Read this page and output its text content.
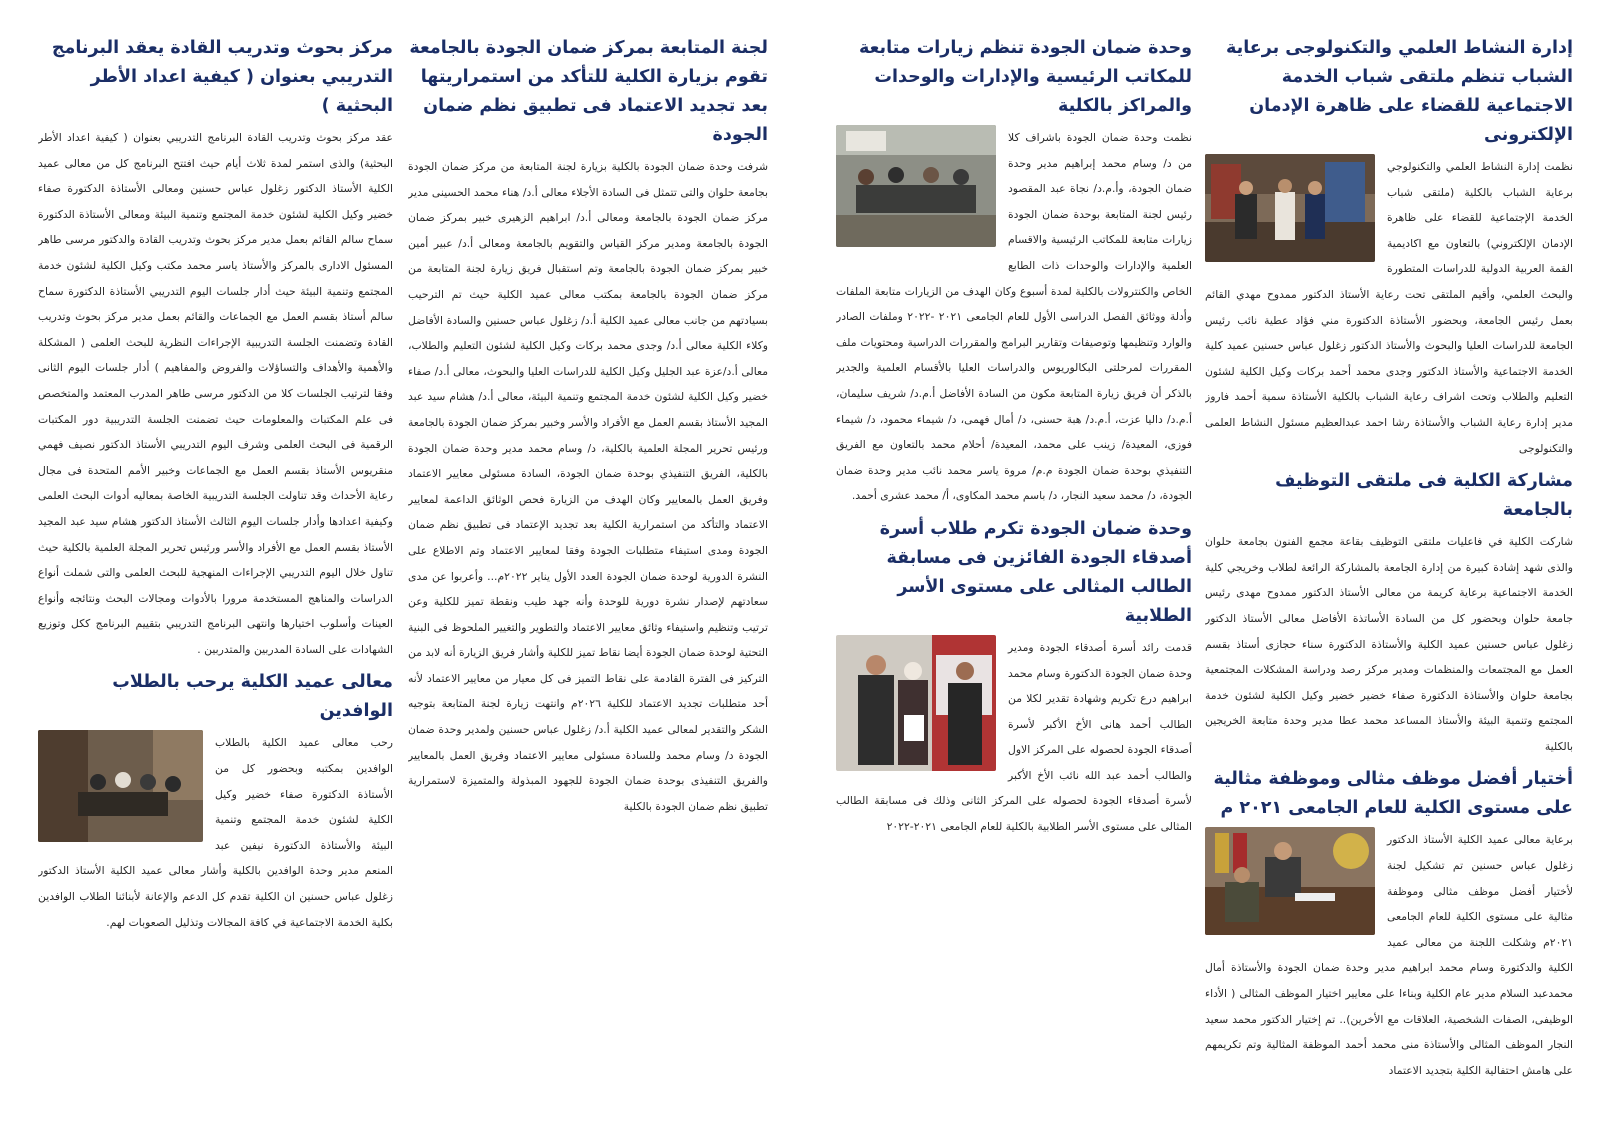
إدارة النشاط العلمي والتكنولوجى برعاية الشباب تنظم ملتقى شباب الخدمة الاجتماعية للقضاء على ظاهرة الإدمان الإلكترونى

نظمت إدارة النشاط العلمي والتكنولوجي برعاية الشباب بالكلية (ملتقى شباب الخدمة الإجتماعية للقضاء على ظاهرة الإدمان الإلكتروني) بالتعاون مع اكاديمية القمة العربية الدولية للدراسات المتطورة والبحث العلمي، وأقيم الملتقى تحت رعاية الأستاذ الدكتور ممدوح مهدي القائم بعمل رئيس الجامعة، وبحضور الأستاذة الدكتورة مني فؤاد عطية نائب رئيس الجامعة للدراسات العليا والبحوث والأستاذ الدكتور زغلول عباس حسنين عميد كلية الخدمة الاجتماعية والأستاذ الدكتور وجدى محمد أحمد بركات وكيل الكلية لشئون التعليم والطلاب وتحت اشراف رعاية الشباب بالكلية الأستاذة سمية أحمد فاروز مدير إدارة رعاية الشباب والأستاذة رشا احمد عبدالعظيم مسئول النشاط العلمى والتكنولوجى

مشاركة الكلية فى ملتقى التوظيف بالجامعة

شاركت الكلية في فاعليات ملتقى التوظيف بقاعة مجمع الفنون بجامعة حلوان والذى شهد إشادة كبيرة من إدارة الجامعة بالمشاركة الرائعة لطلاب وخريجي كلية الخدمة الاجتماعية برعاية كريمة من معالى الأستاذ الدكتور ممدوح مهدى رئيس جامعة حلوان وبحضور كل من السادة الأساتذة الأفاضل معالى الأستاذ الدكتور زغلول عباس حسنين عميد الكلية والأستاذة الدكتورة سناء حجازى أستاذ بقسم العمل مع المجتمعات والمنظمات ومدير مركز رصد ودراسة المشكلات المجتمعية بجامعة حلوان والأستاذة الدكتورة صفاء خضير خضير وكيل الكلية لشئون خدمة المجتمع وتنمية البيئة والأستاذ المساعد محمد عطا مدير وحدة متابعة الخريجين بالكلية

أختيار أفضل موظف مثالى وموظفة مثالية على مستوى الكلية للعام الجامعى ٢٠٢١ م

برعاية معالى عميد الكلية الأستاذ الدكتور زغلول عباس حسنين تم تشكيل لجنة لأختيار أفضل موظف مثالى وموظفة مثالية على مستوى الكلية للعام الجامعى ٢٠٢١م وشكلت اللجنة من معالى عميد الكلية والدكتورة وسام محمد ابراهيم مدير وحدة ضمان الجودة والأستاذة أمال محمدعبد السلام مدير عام الكلية وبناءا على معايير اختيار الموظف المثالى ( الأداء الوظيفى، الصفات الشخصية، العلاقات مع الأخرين).. تم إختيار الدكتور محمد سعيد النجار الموظف المثالى والأستاذة منى محمد أحمد الموظفة المثالية وتم تكريمهم على هامش احتفالية الكلية بتجديد الاعتماد

وحدة ضمان الجودة تنظم زيارات متابعة للمكاتب الرئيسية والإدارات والوحدات والمراكز بالكلية

نظمت وحدة ضمان الجودة باشراف كلا من د/ وسام محمد إبراهيم مدير وحدة ضمان الجودة، وأ.م.د/ نجاة عبد المقصود رئيس لجنة المتابعة بوحدة ضمان الجودة زيارات متابعة للمكاتب الرئيسية والاقسام العلمية والإدارات والوحدات ذات الطابع الخاص والكنترولات بالكلية لمدة أسبوع وكان الهدف من الزيارات متابعة الملفات وأدلة ووثائق الفصل الدراسى الأول للعام الجامعى ٢٠٢١ -٢٠٢٢ وملفات الصادر والوارد وتنظيمها وتوصيفات وتقارير البرامج والمقررات الدراسية ومحتويات ملف المقررات لمرحلتى البكالوريوس والدراسات العليا بالأقسام العلمية والجدير بالذكر أن فريق زيارة المتابعة مكون من السادة الأفاضل أ.م.د/ شريف سليمان، أ.م.د/ داليا عزت، أ.م.د/ هبة حسنى، د/ أمال فهمى، د/ شيماء محمود، د/ شيماء فوزى، المعيدة/ زينب على محمد، المعيدة/ أحلام محمد بالتعاون مع الفريق التنفيذي بوحدة ضمان الجودة م.م/ مروة ياسر محمد نائب مدير وحدة ضمان الجودة، د/ محمد سعيد النجار، د/ باسم محمد المكاوى، أ/ محمد عشرى أحمد.

وحدة ضمان الجودة تكرم طلاب أسرة أصدقاء الجودة الفائزين فى مسابقة الطالب المثالى على مستوى الأسر الطلابية

قدمت رائد أسرة أصدقاء الجودة ومدير وحدة ضمان الجودة الدكتورة وسام محمد ابراهيم درع تكريم وشهادة تقدير لكلا من الطالب أحمد هانى الأخ الأكبر لأسرة أصدقاء الجودة لحصوله على المركز الاول والطالب أحمد عبد الله نائب الأخ الأكبر لأسرة أصدقاء الجودة لحصوله على المركز الثانى وذلك فى مسابقة الطالب المثالى على مستوى الأسر الطلابية بالكلية للعام الجامعى ٢٠٢١-٢٠٢٢

لجنة المتابعة بمركز ضمان الجودة بالجامعة تقوم بزيارة الكلية للتأكد من استمراريتها بعد تجديد الاعتماد فى تطبيق نظم ضمان الجودة

شرفت وحدة ضمان الجودة بالكلية بزيارة لجنة المتابعة من مركز ضمان الجودة بجامعة حلوان والتى تتمثل فى السادة الأجلاء معالى أ.د/ هناء محمد الحسينى مدير مركز ضمان الجودة بالجامعة ومعالى أ.د/ ابراهيم الزهيرى خبير بمركز ضمان الجودة بالجامعة ومدير مركز القياس والتقويم بالجامعة ومعالى أ.د/ عبير أمين خبير بمركز ضمان الجودة بالجامعة وتم استقبال فريق زيارة لجنة المتابعة من مركز ضمان الجودة بالجامعة بمكتب معالى عميد الكلية حيث تم الترحيب بسيادتهم من جانب معالى عميد الكلية أ.د/ زغلول عباس حسنين والسادة الأفاضل وكلاء الكلية معالى أ.د/ وجدى محمد بركات وكيل الكلية لشئون التعليم والطلاب، معالى أ.د/عزة عبد الجليل وكيل الكلية للدراسات العليا والبحوث، معالى أ.د/ صفاء خضير وكيل الكلية لشئون خدمة المجتمع وتنمية البيئة، معالى أ.د/ هشام سيد عبد المجيد الأستاذ بقسم العمل مع الأفراد والأسر وخبير بمركز ضمان الجودة بالجامعة ورئيس تحرير المجلة العلمية بالكلية، د/ وسام محمد مدير وحدة ضمان الجودة بالكلية، الفريق التنفيذي بوحدة ضمان الجودة، السادة مسئولى معايير الاعتماد وفريق العمل بالمعايير وكان الهدف من الزيارة فحص الوثائق الداعمة لمعايير الاعتماد والتأكد من استمرارية الكلية بعد تجديد الإعتماد فى تطبيق نظم ضمان الجودة ومدى استيفاء متطلبات الجودة وفقا لمعايير الاعتماد وتم الاطلاع على النشرة الدورية لوحدة ضمان الجودة العدد الأول يناير ٢٠٢٢م... وأعربوا عن مدى سعادتهم لإصدار نشرة دورية للوحدة وأنه جهد طيب ونقطة تميز للكلية وعن ترتيب وتنظيم واستيفاء وثائق معايير الاعتماد والتطوير والتغيير الملحوظ فى البنية التحتية لوحدة ضمان الجودة أيضا نقاط تميز للكلية وأشار فريق الزيارة أنه لابد من التركيز فى الفترة القادمة على نقاط التميز فى كل معيار من معايير الاعتماد لأنه أحد متطلبات تجديد الاعتماد للكلية ٢٠٢٦م وانتهت زيارة لجنة المتابعة بتوجيه الشكر والتقدير لمعالى عميد الكلية أ.د/ زغلول عباس حسنين ولمدير وحدة ضمان الجودة د/ وسام محمد وللسادة مسئولى معايير الاعتماد وفريق العمل بالمعايير والفريق التنفيذى بوحدة ضمان الجودة للجهود المبذولة والمتميزة لاستمرارية تطبيق نظم ضمان الجودة بالكلية

مركز بحوث وتدريب القادة يعقد البرنامج التدريبي بعنوان ( كيفية اعداد الأطر البحثية )

عقد مركز بحوث وتدريب القادة البرنامج التدريبي بعنوان ( كيفية اعداد الأطر البحثية) والذى استمر لمدة ثلاث أيام حيث افتتح البرنامج كل من معالى عميد الكلية الأستاذ الدكتور زغلول عباس حسنين ومعالى الأستاذة الدكتورة صفاء خضير وكيل الكلية لشئون خدمة المجتمع وتنمية البيئة ومعالى الأستاذة الدكتورة سماح سالم القائم بعمل مدير مركز بحوث وتدريب القادة والدكتور مرسى طاهر المسئول الادارى بالمركز والأستاذ ياسر محمد مكتب وكيل الكلية لشئون خدمة المجتمع وتنمية البيئة حيث أدار جلسات اليوم التدريبي الأستاذة الدكتورة سماح سالم أستاذ بقسم العمل مع الجماعات والقائم بعمل مدير مركز بحوث وتدريب القادة وتضمنت الجلسة التدريبية الإجراءات النظرية للبحث العلمى ( المشكلة والأهمية والأهداف والتساؤلات والفروض والمفاهيم ) أدار جلسات اليوم الثانى وفقا لترتيب الجلسات كلا من الدكتور مرسى طاهر المدرب المعتمد والمتخصص فى علم المكتبات والمعلومات حيث تضمنت الجلسة التدريبية دور المكتبات الرقمية فى البحث العلمى وشرف اليوم التدريبي الأستاذ الدكتور نصيف فهمي منقريوس الأستاذ بقسم العمل مع الجماعات وخبير الأمم المتحدة فى مجال رعاية الأحداث وقد تناولت الجلسة التدريبية الخاصة بمعاليه أدوات البحث العلمى وكيفية اعدادها وأدار جلسات اليوم الثالث الأستاذ الدكتور هشام سيد عبد المجيد الأستاذ بقسم العمل مع الأفراد والأسر ورئيس تحرير المجلة العلمية بالكلية حيث تناول خلال اليوم التدريبي الإجراءات المنهجية للبحث العلمى والتى شملت أنواع الدراسات والمناهج المستخدمة مرورا بالأدوات ومجالات البحث ونتائجه وأنواع العينات وأسلوب اختيارها وانتهى البرنامج التدريبي بتقييم البرنامج ككل وتوزيع الشهادات على السادة المدربين والمتدربين .

معالى عميد الكلية يرحب بالطلاب الوافدين

رحب معالى عميد الكلية بالطلاب الوافدين بمكتبه وبحضور كل من الأستاذة الدكتورة صفاء خضير وكيل الكلية لشئون خدمة المجتمع وتنمية البيئة والأستاذة الدكتورة نيفين عبد المنعم مدير وحدة الوافدين بالكلية وأشار معالى عميد الكلية الأستاذ الدكتور زغلول عباس حسنين ان الكلية تقدم كل الدعم والإعانة لأبنائنا الطلاب الوافدين بكلية الخدمة الاجتماعية في كافة المجالات وتذليل الصعوبات لهم.
